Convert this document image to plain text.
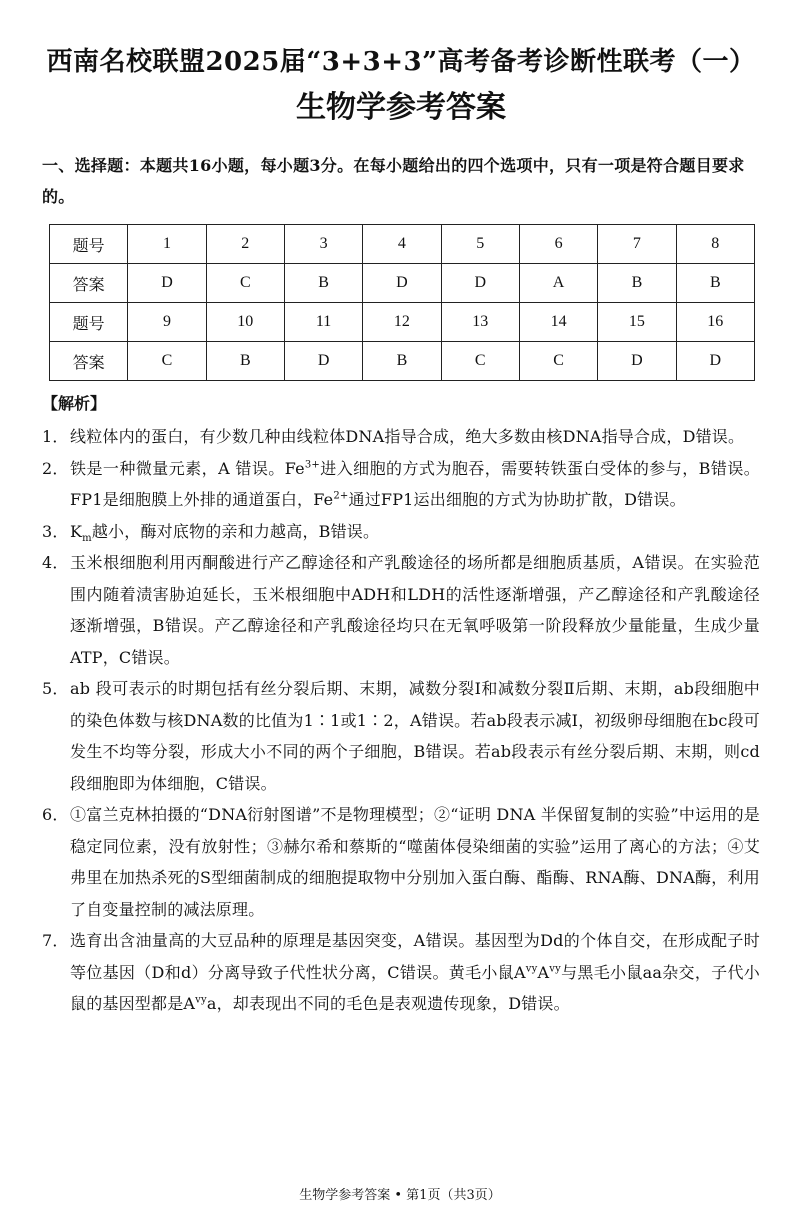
西南名校联盟2025届“3+3+3”高考备考诊断性联考（一）
生物学参考答案

一、选择题：本题共16小题，每小题3分。在每小题给出的四个选项中，只有一项是符合题目要求的。

题号	1	2	3	4	5	6	7	8
答案	D	C	B	D	D	A	B	B
题号	9	10	11	12	13	14	15	16
答案	C	B	D	B	C	C	D	D
【解析】
1． 线粒体内的蛋白，有少数几种由线粒体DNA指导合成，绝大多数由核DNA指导合成，D错误。
2． 铁是一种微量元素，A 错误。$Fe^{3+}$进入细胞的方式为胞吞，需要转铁蛋白受体的参与，B错误。FP1是细胞膜上外排的通道蛋白，$Fe^{2+}$通过FP1运出细胞的方式为协助扩散，D错误。
3． $K_m$越小，酶对底物的亲和力越高，B错误。
4． 玉米根细胞利用丙酮酸进行产乙醇途径和产乳酸途径的场所都是细胞质基质，A错误。在实验范围内随着渍害胁迫延长，玉米根细胞中ADH和LDH的活性逐渐增强，产乙醇途径和产乳酸途径逐渐增强，B错误。产乙醇途径和产乳酸途径均只在无氧呼吸第一阶段释放少量能量，生成少量ATP，C错误。
5． ab 段可表示的时期包括有丝分裂后期、末期，减数分裂Ⅰ和减数分裂Ⅱ后期、末期，ab段细胞中的染色体数与核DNA数的比值为1∶1或1∶2，A错误。若ab段表示减Ⅰ，初级卵母细胞在bc段可发生不均等分裂，形成大小不同的两个子细胞，B错误。若ab段表示有丝分裂后期、末期，则cd段细胞即为体细胞，C错误。
6． ①富兰克林拍摄的“DNA衍射图谱”不是物理模型；②“证明 DNA 半保留复制的实验”中运用的是稳定同位素，没有放射性；③赫尔希和蔡斯的“噬菌体侵染细菌的实验”运用了离心的方法；④艾弗里在加热杀死的S型细菌制成的细胞提取物中分别加入蛋白酶、酯酶、RNA酶、DNA酶，利用了自变量控制的减法原理。
7． 选育出含油量高的大豆品种的原理是基因突变，A错误。基因型为Dd的个体自交，在形成配子时等位基因（D和d）分离导致子代性状分离，C错误。黄毛小鼠$A^{vy}A^{vy}$与黑毛小鼠aa杂交，子代小鼠的基因型都是$A^{vy}a$，却表现出不同的毛色是表观遗传现象，D错误。
生物学参考答案 • 第1页（共3页）
